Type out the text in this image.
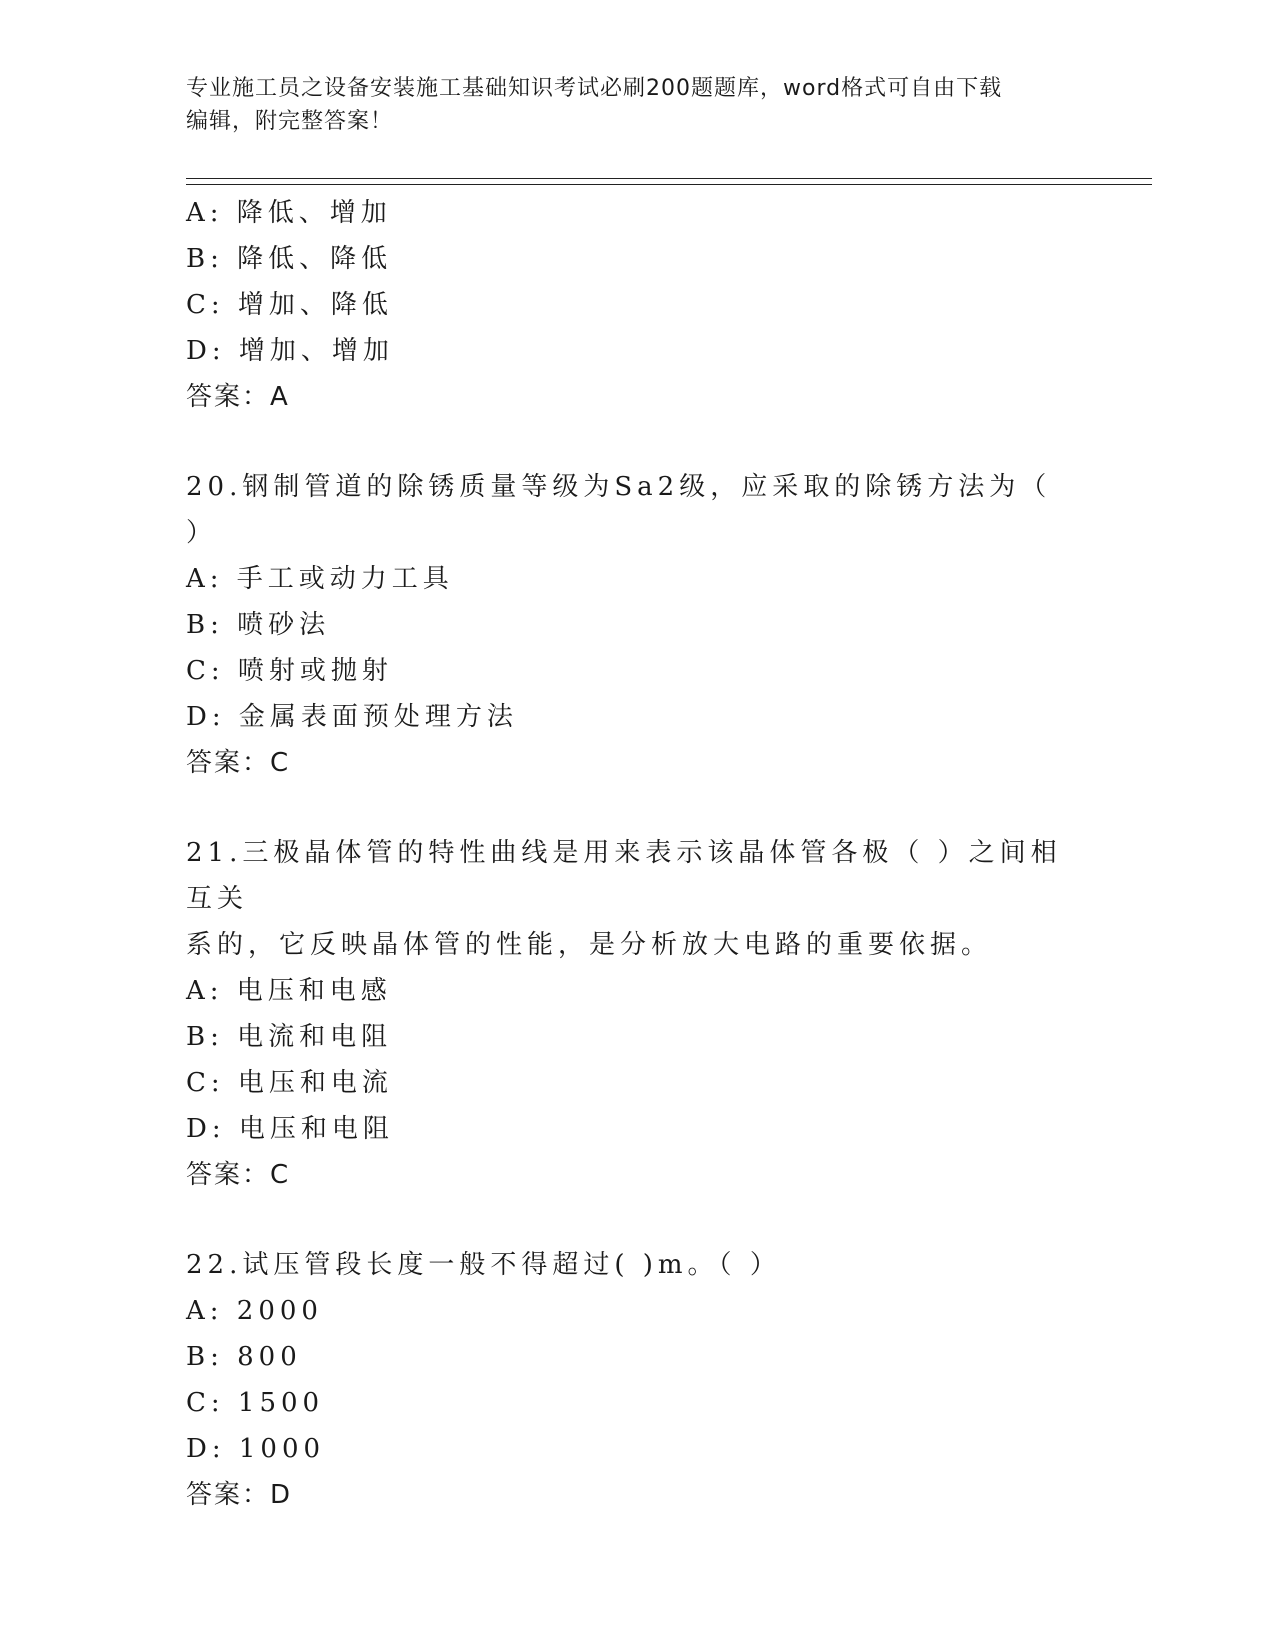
专业施工员之设备安装施工基础知识考试必刷200题题库，word格式可自由下载
编辑，附完整答案！
A: 降低、增加
B: 降低、降低
C: 增加、降低
D: 增加、增加
答案：A
20.钢制管道的除锈质量等级为Sa2级，应采取的除锈方法为（ ）
A: 手工或动力工具
B: 喷砂法
C: 喷射或抛射
D: 金属表面预处理方法
答案：C
21.三极晶体管的特性曲线是用来表示该晶体管各极（ ）之间相互关
系的，它反映晶体管的性能，是分析放大电路的重要依据。
A: 电压和电感
B: 电流和电阻
C: 电压和电流
D: 电压和电阻
答案：C
22.试压管段长度一般不得超过( )m。（ ）
A: 2000
B: 800
C: 1500
D: 1000
答案：D
